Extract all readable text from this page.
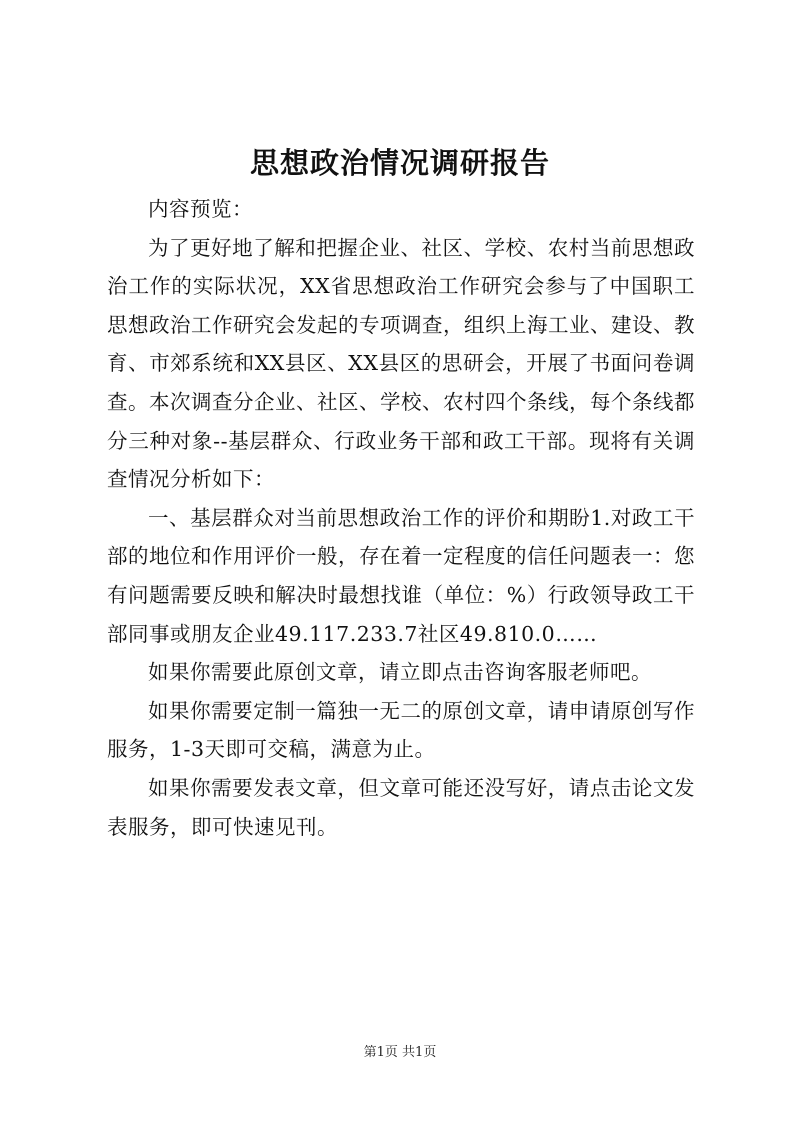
思想政治情况调研报告

内容预览：

为了更好地了解和把握企业、社区、学校、农村当前思想政治工作的实际状况，XX省思想政治工作研究会参与了中国职工思想政治工作研究会发起的专项调查，组织上海工业、建设、教育、市郊系统和XX县区、XX县区的思研会，开展了书面问卷调查。本次调查分企业、社区、学校、农村四个条线，每个条线都分三种对象--基层群众、行政业务干部和政工干部。现将有关调查情况分析如下：

一、基层群众对当前思想政治工作的评价和期盼1.对政工干部的地位和作用评价一般，存在着一定程度的信任问题表一：您有问题需要反映和解决时最想找谁（单位：%）行政领导政工干部同事或朋友企业49.117.233.7社区49.810.0……

如果你需要此原创文章，请立即点击咨询客服老师吧。

如果你需要定制一篇独一无二的原创文章，请申请原创写作服务，1-3天即可交稿，满意为止。

如果你需要发表文章，但文章可能还没写好，请点击论文发表服务，即可快速见刊。

第1页 共1页
